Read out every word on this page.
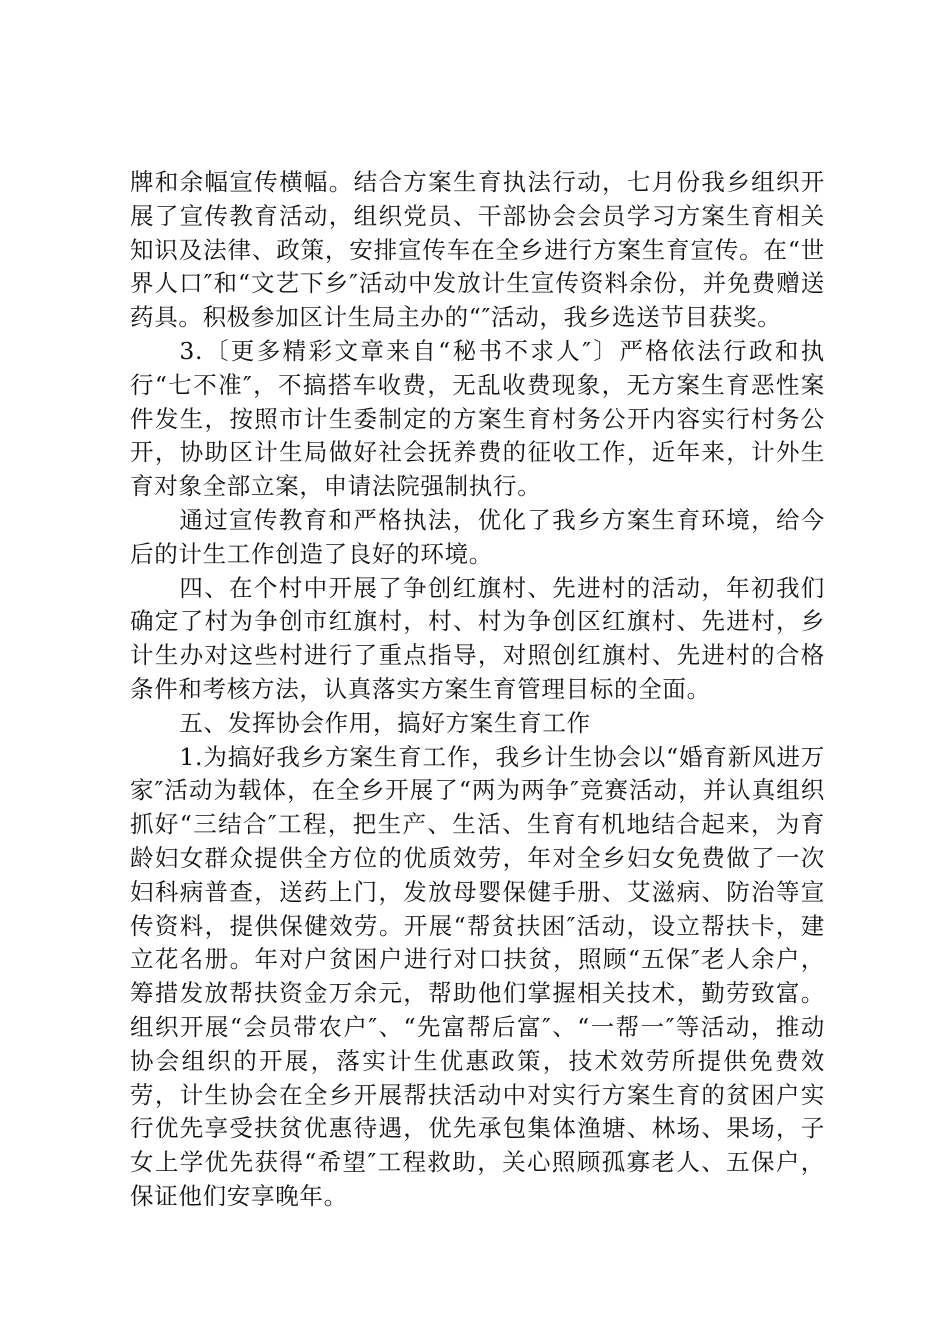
牌和余幅宣传横幅。结合方案生育执法行动，七月份我乡组织开展了宣传教育活动，组织党员、干部协会会员学习方案生育相关知识及法律、政策，安排宣传车在全乡进行方案生育宣传。在“世界人口″和“文艺下乡″活动中发放计生宣传资料余份，并免费赠送药具。积极参加区计生局主办的“″活动，我乡选送节目获奖。

3.〔更多精彩文章来自“秘书不求人″〕严格依法行政和执行“七不准″，不搞搭车收费，无乱收费现象，无方案生育恶性案件发生，按照市计生委制定的方案生育村务公开内容实行村务公开，协助区计生局做好社会抚养费的征收工作，近年来，计外生育对象全部立案，申请法院强制执行。

通过宣传教育和严格执法，优化了我乡方案生育环境，给今后的计生工作创造了良好的环境。

四、在个村中开展了争创红旗村、先进村的活动，年初我们确定了村为争创市红旗村，村、村为争创区红旗村、先进村，乡计生办对这些村进行了重点指导，对照创红旗村、先进村的合格条件和考核方法，认真落实方案生育管理目标的全面。

五、发挥协会作用，搞好方案生育工作

1.为搞好我乡方案生育工作，我乡计生协会以“婚育新风进万家″活动为载体，在全乡开展了“两为两争″竞赛活动，并认真组织抓好“三结合″工程，把生产、生活、生育有机地结合起来，为育龄妇女群众提供全方位的优质效劳，年对全乡妇女免费做了一次妇科病普查，送药上门，发放母婴保健手册、艾滋病、防治等宣传资料，提供保健效劳。开展“帮贫扶困″活动，设立帮扶卡，建立花名册。年对户贫困户进行对口扶贫，照顾“五保″老人余户，筹措发放帮扶资金万余元，帮助他们掌握相关技术，勤劳致富。组织开展“会员带农户″、“先富帮后富″、“一帮一″等活动，推动协会组织的开展，落实计生优惠政策，技术效劳所提供免费效劳，计生协会在全乡开展帮扶活动中对实行方案生育的贫困户实行优先享受扶贫优惠待遇，优先承包集体渔塘、林场、果场，子女上学优先获得“希望″工程救助，关心照顾孤寡老人、五保户，保证他们安享晚年。
